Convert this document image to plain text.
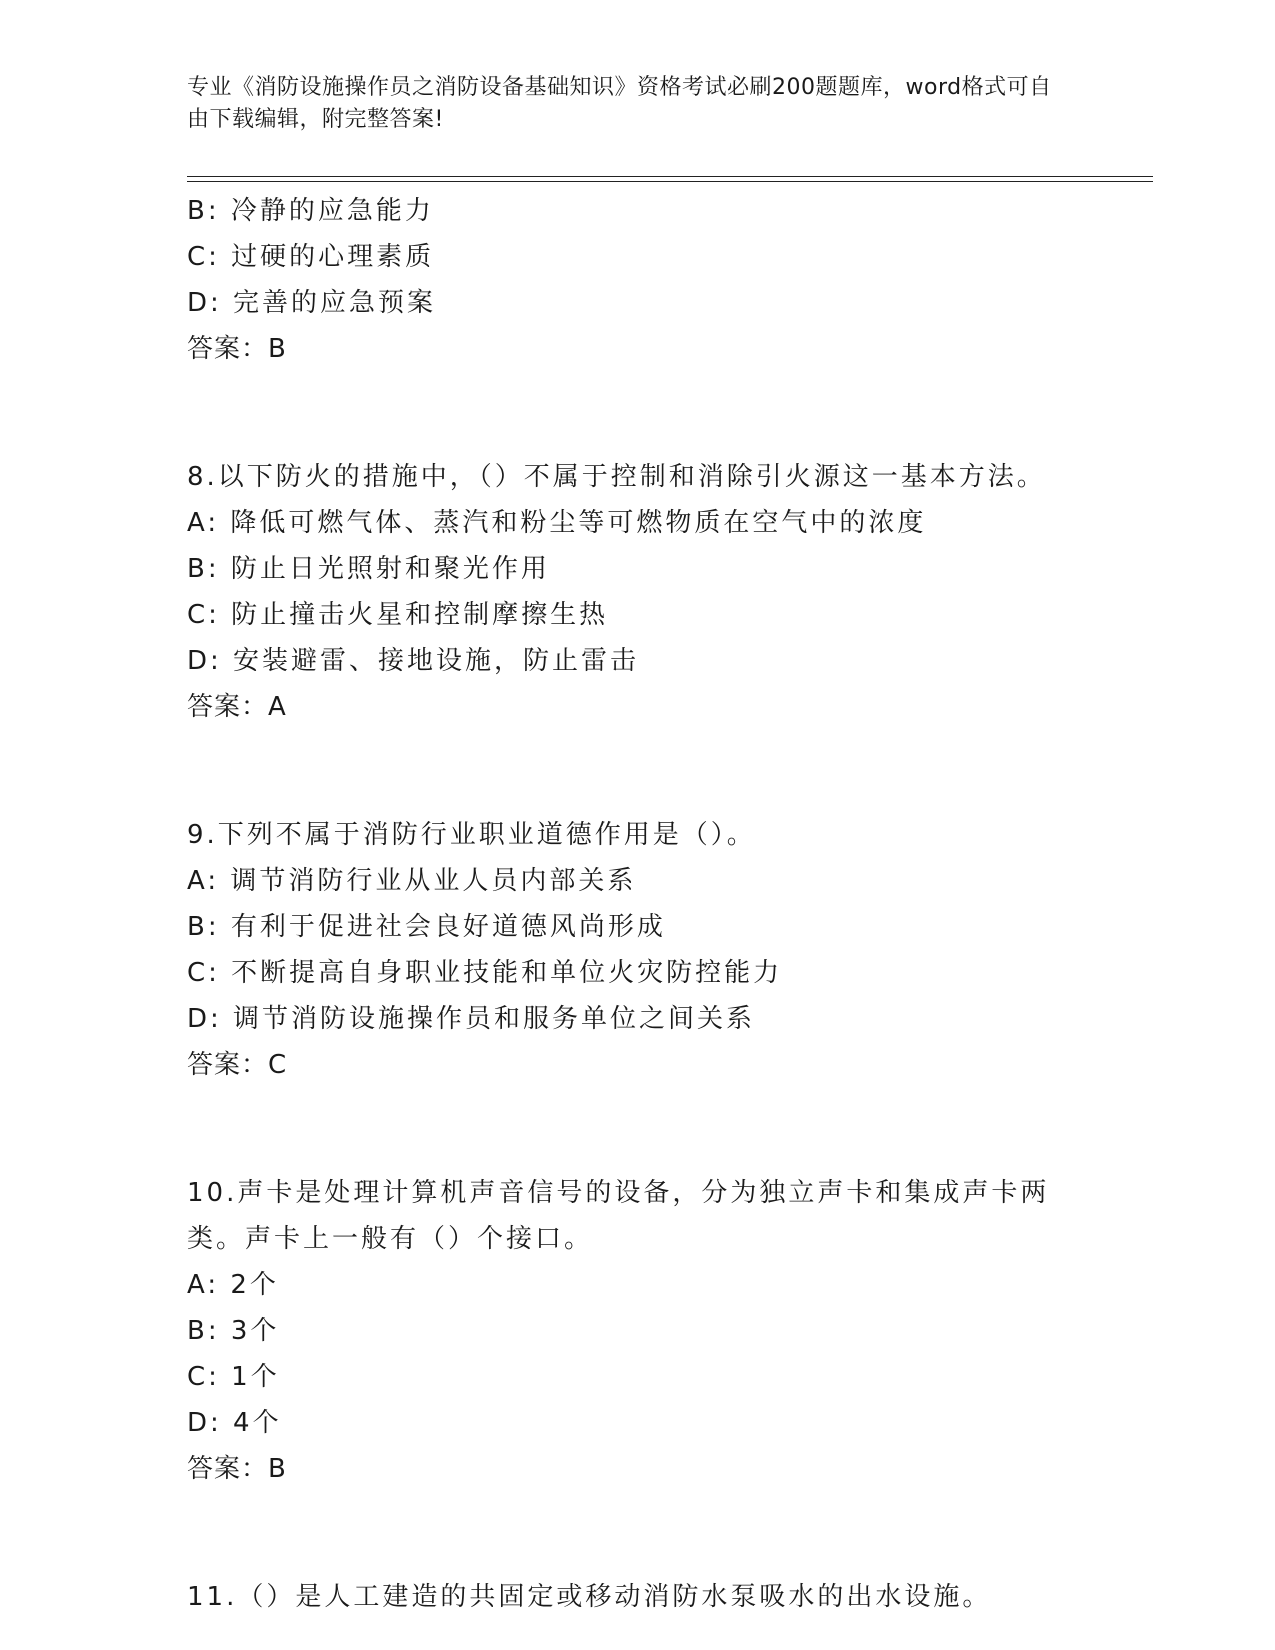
专业《消防设施操作员之消防设备基础知识》资格考试必刷200题题库，word格式可自由下载编辑，附完整答案!
B: 冷静的应急能力
C: 过硬的心理素质
D: 完善的应急预案
答案：B
8.以下防火的措施中，（）不属于控制和消除引火源这一基本方法。
A: 降低可燃气体、蒸汽和粉尘等可燃物质在空气中的浓度
B: 防止日光照射和聚光作用
C: 防止撞击火星和控制摩擦生热
D: 安装避雷、接地设施，防止雷击
答案：A
9.下列不属于消防行业职业道德作用是（）。
A: 调节消防行业从业人员内部关系
B: 有利于促进社会良好道德风尚形成
C: 不断提高自身职业技能和单位火灾防控能力
D: 调节消防设施操作员和服务单位之间关系
答案：C
10.声卡是处理计算机声音信号的设备，分为独立声卡和集成声卡两类。声卡上一般有（）个接口。
A: 2个
B: 3个
C: 1个
D: 4个
答案：B
11.（）是人工建造的共固定或移动消防水泵吸水的出水设施。
